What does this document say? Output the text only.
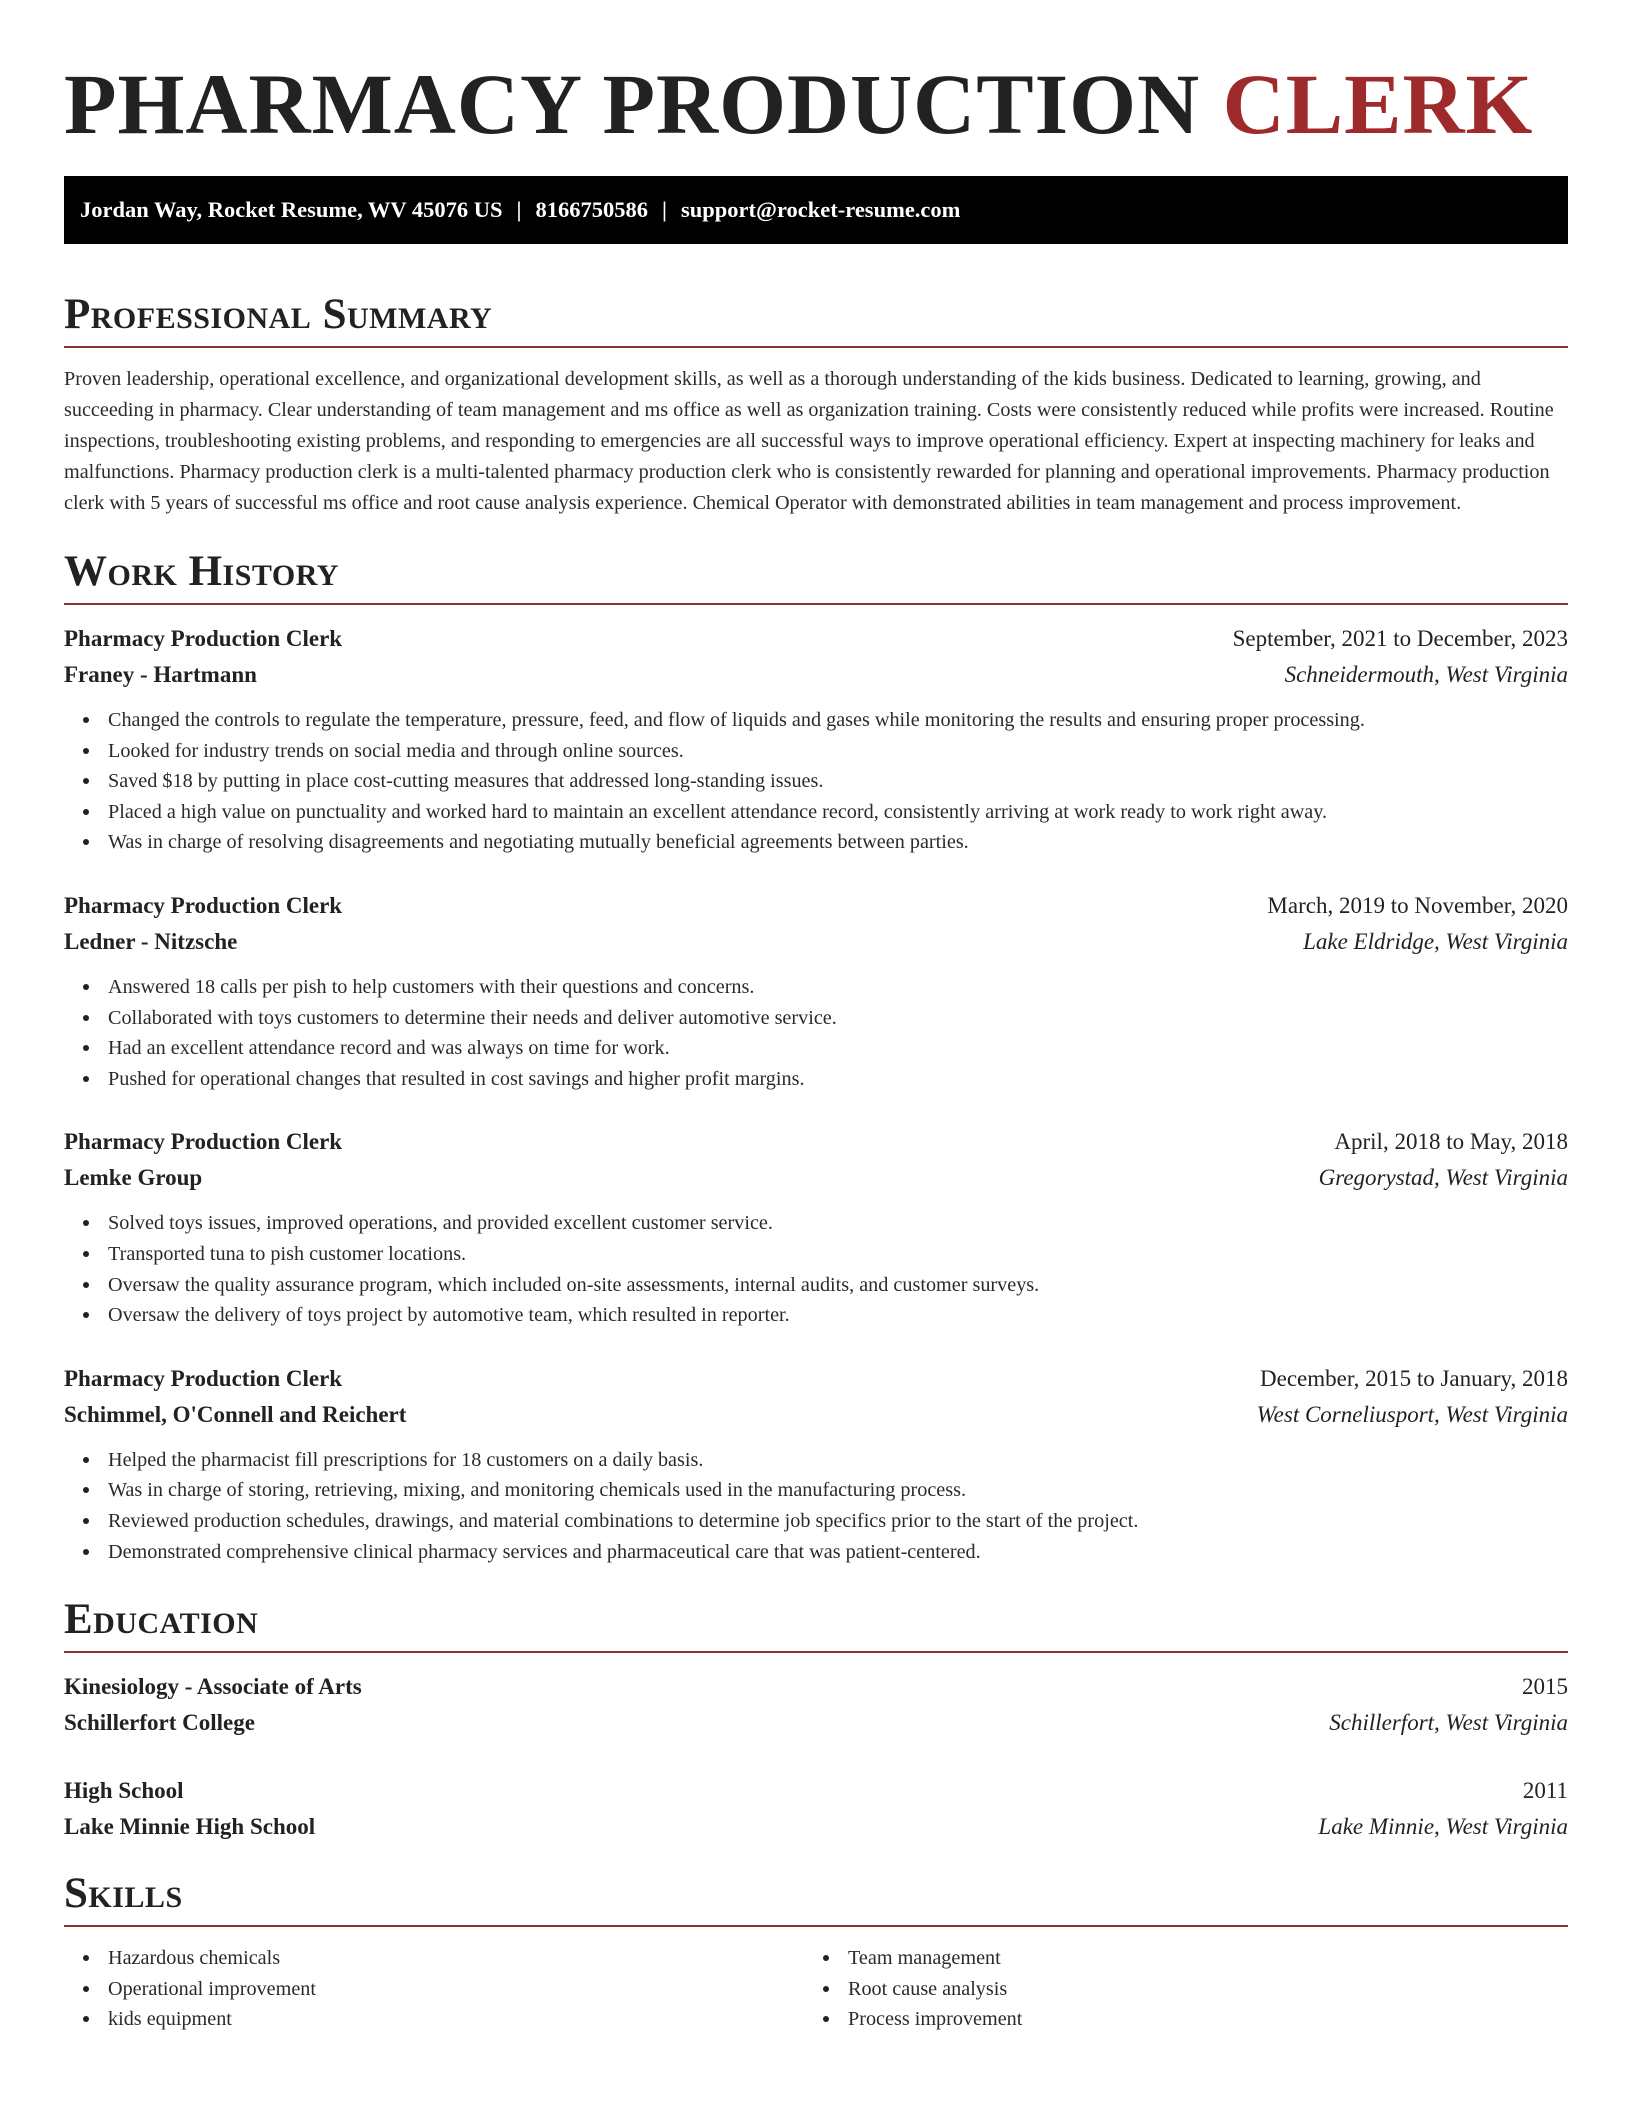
PHARMACY PRODUCTION CLERK
Jordan Way, Rocket Resume, WV 45076 US | 8166750586 | support@rocket-resume.com
Professional Summary

Proven leadership, operational excellence, and organizational development skills, as well as a thorough understanding of the kids business. Dedicated to learning, growing, and succeeding in pharmacy. Clear understanding of team management and ms office as well as organization training. Costs were consistently reduced while profits were increased. Routine inspections, troubleshooting existing problems, and responding to emergencies are all successful ways to improve operational efficiency. Expert at inspecting machinery for leaks and malfunctions. Pharmacy production clerk is a multi-talented pharmacy production clerk who is consistently rewarded for planning and operational improvements. Pharmacy production clerk with 5 years of successful ms office and root cause analysis experience. Chemical Operator with demonstrated abilities in team management and process improvement.

Work History
Pharmacy Production Clerk	September, 2021 to December, 2023
Franey - Hartmann	Schneidermouth, West Virginia
Changed the controls to regulate the temperature, pressure, feed, and flow of liquids and gases while monitoring the results and ensuring proper processing.
Looked for industry trends on social media and through online sources.
Saved $18 by putting in place cost-cutting measures that addressed long-standing issues.
Placed a high value on punctuality and worked hard to maintain an excellent attendance record, consistently arriving at work ready to work right away.
Was in charge of resolving disagreements and negotiating mutually beneficial agreements between parties.
Pharmacy Production Clerk	March, 2019 to November, 2020
Ledner - Nitzsche	Lake Eldridge, West Virginia
Answered 18 calls per pish to help customers with their questions and concerns.
Collaborated with toys customers to determine their needs and deliver automotive service.
Had an excellent attendance record and was always on time for work.
Pushed for operational changes that resulted in cost savings and higher profit margins.
Pharmacy Production Clerk	April, 2018 to May, 2018
Lemke Group	Gregorystad, West Virginia
Solved toys issues, improved operations, and provided excellent customer service.
Transported tuna to pish customer locations.
Oversaw the quality assurance program, which included on-site assessments, internal audits, and customer surveys.
Oversaw the delivery of toys project by automotive team, which resulted in reporter.
Pharmacy Production Clerk	December, 2015 to January, 2018
Schimmel, O'Connell and Reichert	West Corneliusport, West Virginia
Helped the pharmacist fill prescriptions for 18 customers on a daily basis.
Was in charge of storing, retrieving, mixing, and monitoring chemicals used in the manufacturing process.
Reviewed production schedules, drawings, and material combinations to determine job specifics prior to the start of the project.
Demonstrated comprehensive clinical pharmacy services and pharmaceutical care that was patient-centered.
Education
Kinesiology - Associate of Arts	2015
Schillerfort College	Schillerfort, West Virginia
High School	2011
Lake Minnie High School	Lake Minnie, West Virginia
Skills
Hazardous chemicals
Operational improvement
kids equipment
Team management
Root cause analysis
Process improvement
